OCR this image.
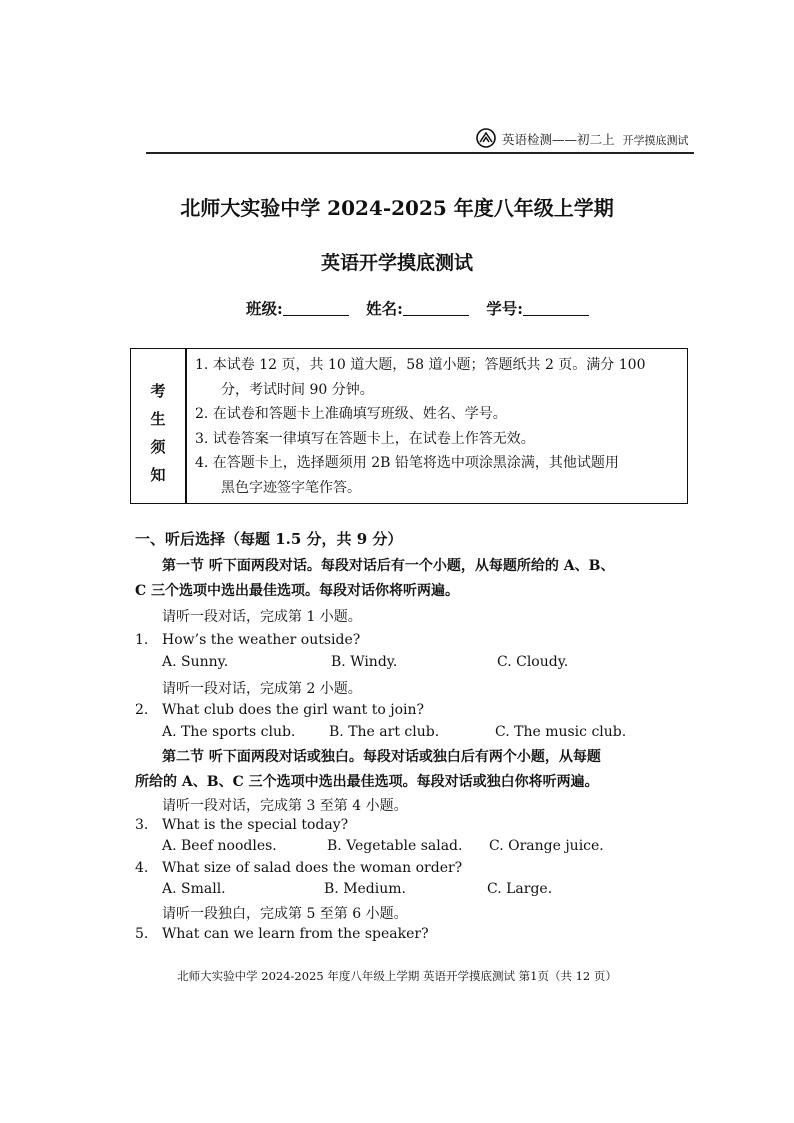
英语检测——初二上 开学摸底测试
北师大实验中学 2024-2025 年度八年级上学期
英语开学摸底测试
班级:	姓名:	学号:
考
生
须
知
1. 本试卷 12 页，共 10 道大题，58 道小题；答题纸共 2 页。满分 100
分，考试时间 90 分钟。
2. 在试卷和答题卡上准确填写班级、姓名、学号。
3. 试卷答案一律填写在答题卡上，在试卷上作答无效。
4. 在答题卡上，选择题须用 2B 铅笔将选中项涂黑涂满，其他试题用
黑色字迹签字笔作答。
一、听后选择（每题 1.5 分，共 9 分）
第一节 听下面两段对话。每段对话后有一个小题，从每题所给的 A、B、
C 三个选项中选出最佳选项。每段对话你将听两遍。
请听一段对话，完成第 1 小题。
1. How’s the weather outside?
A. Sunny.	B. Windy.	C. Cloudy.
请听一段对话，完成第 2 小题。
2. What club does the girl want to join?
A. The sports club. B. The art club.	C. The music club.
第二节 听下面两段对话或独白。每段对话或独白后有两个小题，从每题
所给的 A、B、C 三个选项中选出最佳选项。每段对话或独白你将听两遍。
请听一段对话，完成第 3 至第 4 小题。
3. What is the special today?
A. Beef noodles.	B. Vegetable salad. C. Orange juice.
4. What size of salad does the woman order?
A. Small.	B. Medium.	C. Large.
请听一段独白，完成第 5 至第 6 小题。
5. What can we learn from the speaker?
北师大实验中学 2024-2025 年度八年级上学期 英语开学摸底测试 第1页（共 12 页）
